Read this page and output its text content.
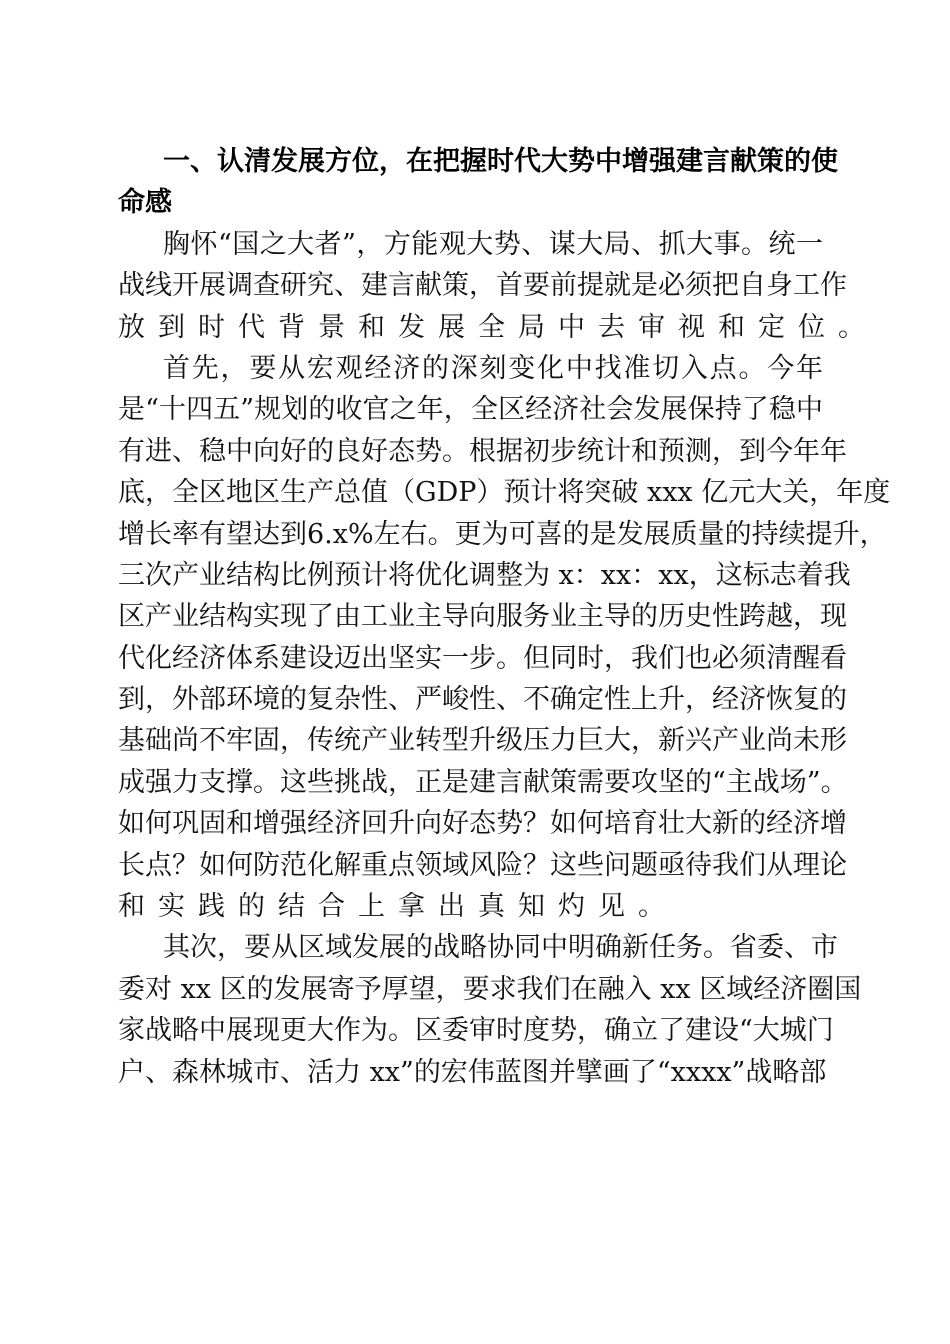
一、认清发展方位，在把握时代大势中增强建言献策的使
命感
胸怀“国之大者”，方能观大势、谋大局、抓大事。统一
战线开展调查研究、建言献策，首要前提就是必须把自身工作
放到时代背景和发展全局中去审视和定位。
首先，要从宏观经济的深刻变化中找准切入点。今年
是“十四五”规划的收官之年，全区经济社会发展保持了稳中
有进、稳中向好的良好态势。根据初步统计和预测，到今年年
底，全区地区生产总值（GDP）预计将突破 xxx 亿元大关，年度
增长率有望达到6.x%左右。更为可喜的是发展质量的持续提升，
三次产业结构比例预计将优化调整为 x：xx：xx，这标志着我
区产业结构实现了由工业主导向服务业主导的历史性跨越，现
代化经济体系建设迈出坚实一步。但同时，我们也必须清醒看
到，外部环境的复杂性、严峻性、不确定性上升，经济恢复的
基础尚不牢固，传统产业转型升级压力巨大，新兴产业尚未形
成强力支撑。这些挑战，正是建言献策需要攻坚的“主战场”。
如何巩固和增强经济回升向好态势？如何培育壮大新的经济增
长点？如何防范化解重点领域风险？这些问题亟待我们从理论
和实践的结合上拿出真知灼见。
其次，要从区域发展的战略协同中明确新任务。省委、市
委对 xx 区的发展寄予厚望，要求我们在融入 xx 区域经济圈国
家战略中展现更大作为。区委审时度势，确立了建设“大城门
户、森林城市、活力 xx”的宏伟蓝图并擘画了“xxxx”战略部
